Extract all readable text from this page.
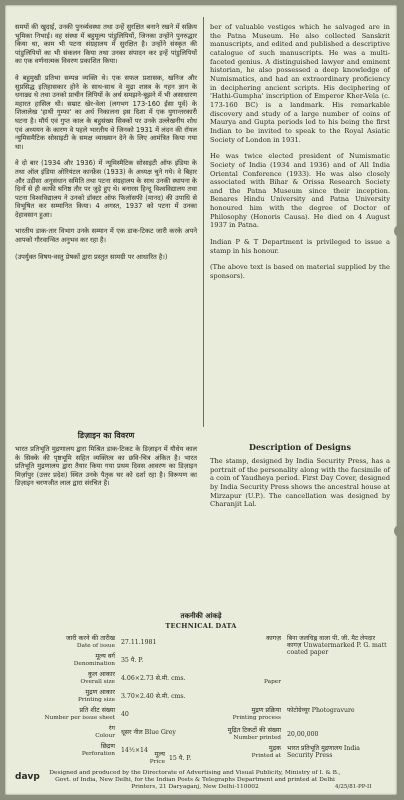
समयों की खुदाई, उनकी पुनर्व्यवस्था तथा उन्हें सुरक्षित बनाने रखने में सक्रिय भूमिका निभाई। वह संस्था में बहुमूल्य पांडुलिपियों, जिनका उन्होंने पुनरुद्धार किया था, काम भी पटना संग्रहालय में सुरक्षित है। उन्होंने संस्कृत की पांडुलिपियों का भी संकलन किया तथा उनका संपादन कर इन्हें पांडुलिपियों का एक वर्णनात्मक विवरण प्रकाशित किया।

वे बहुमुखी प्रतिभा सम्पन्न व्यक्ति थे। एक सफल प्रशासक, खनिज और सुप्रसिद्ध इतिहासकार होने के साथ-साथ वे मुद्रा शास्त्र के गहन ज्ञान के धनाढ्य थे तथा उनको प्राचीन लिपियों के अर्थ समझने-बूझने में भी असाधारण महारत हासिल थी। सम्राट खेर-वेला (लगभग 173-160 ईसा पूर्व) के शिलालेख 'हाथी गुम्फा' का अर्थ निकालना इस दिशा में एक युगान्तरकारी घटना है। मौर्य एवं गुप्त काल के बहुसंख्य सिक्कों पर उनके उल्लेखनीय शोध एवं अध्ययन के कारण वे पहले भारतीय थे जिनको 1931 में लंदन की रॉयल न्युमिसमैटिक सोसाइटी के समक्ष व्याख्यान देने के लिए आमंत्रित किया गया था।

वे दो बार (1934 और 1936) में न्यूमिस्मैटिक सोसाइटी ऑफ इंडिया के तथा ऑल इंडिया ओरियंटल कान्फ्रेंस (1933) के अध्यक्ष चुने गये। वे बिहार और उड़ीसा अनुसंधान समिति तथा पटना संग्रहालय के साथ उनकी स्थापना के दिनों से ही काफी घनिष्ठ तौर पर जुड़े हुए थे। बनारस हिन्दू विश्वविद्यालय तथा पटना विश्वविद्यालय ने उनको डॉक्टर ऑफ फिलॉसफी (मानद) की उपाधि से विभूषित कर सम्मानित किया। 4 अगस्त, 1937 को पटना में उनका देहावसान हुआ।

भारतीय डाक-तार विभाग उनके सम्मान में एक डाक-टिकट जारी करके अपने आपको गौरवान्वित अनुभव कर रहा है।

(उपर्युक्त विषय-वस्तु प्रेषकों द्वारा प्रस्तुत सामग्री पर आधारित है।)

ber of valuable vestiges which he salvaged are in the Patna Museum. He also collected Sanskrit manuscripts, and edited and published a descriptive catalogue of such manuscripts. He was a multi-faceted genius. A distinguished lawyer and eminent historian, he also possessed a deep knowledge of Numismatics, and had an extraordinary proficiency in deciphering ancient scripts. His deciphering of 'Hathi-Gumpha' inscription of Emperor Kher-Vela (c. 173-160 BC) is a landmark. His remarkable discovery and study of a large number of coins of Maurya and Gupta periods led to his being the first Indian to be invited to speak to the Royal Asiatic Society of London in 1931.

He was twice elected president of Numismatic Society of India (1934 and 1936) and of All India Oriental Conference (1933). He was also closely associated with Bihar & Orissa Research Society and the Patna Museum since their inception. Benares Hindu University and Patna University honoured him with the degree of Doctor of Philosophy (Honoris Causa). He died on 4 August 1937 in Patna.

Indian P & T Department is privileged to issue a stamp in his honour.

(The above text is based on material supplied by the sponsors).

डिज़ाइन का विवरण

भारत प्रतिभूति मुद्रणालय द्वारा मिश्रित डाक-टिकट के डिज़ाइन में यौधेय काल के सिक्के की पृष्ठभूमि सहित व्यक्तित्व का छवि-चित्र अंकित है। भारत प्रतिभूति मुद्रणालय द्वारा तैयार किया गया प्रथम दिवस आवरण का डिज़ाइन मिर्ज़ापुर (उत्तर प्रदेश) स्थित उनके पैतृक घर को दर्शा रहा है। विरूपण का डिज़ाइन चरणजीत लाल द्वारा संरचित है।

Description of Designs

The stamp, designed by India Security Press, has a portrait of the personality along with the facsimile of a coin of Yaudheya period. First Day Cover, designed by India Security Press shows the ancestral house at Mirzapur (U.P.). The cancellation was designed by Charanjit Lal.

तकनीकी आंकड़े
TECHNICAL DATA
जारी करने की तारीख
Date of issue 27.11.1981
मूल्य वर्ग
Denomination 35 पै. P.
कुल आकार
Overall size 4.06×2.73 से.मी. cms.
मुद्रण आकार
Printing size 3.70×2.40 से.मी. cms.
प्रति शीट संख्या
Number per issue sheet 40
रंग
Colour धूसर नील Blue Grey
छिद्रण
Perforation 14½×14
कागज़
Paper
बिना जलचिह्न वाला पी. जी. मैट लेपदार कागज़ Unwatermarked P. G. matt coated paper
मुद्रण प्रक्रिया
Printing process
फोटोग्रेव्यूर Photogravure
मुद्रित टिकटों की संख्या
Number printed 20,00,000
मुद्रक
Printed at
भारत प्रतिभूति मुद्रणालय India Security Press
मूल्य
Price 15 पै. P.
davp	Designed and produced by the Directorate of Advertising and Visual Publicity, Ministry of I. & B., Govt. of India, New Delhi, for the Indian Posts & Telegraphs Department and printed at Delhi Printers, 21 Daryaganj, New Delhi-110002	4/25/81-PP-II
